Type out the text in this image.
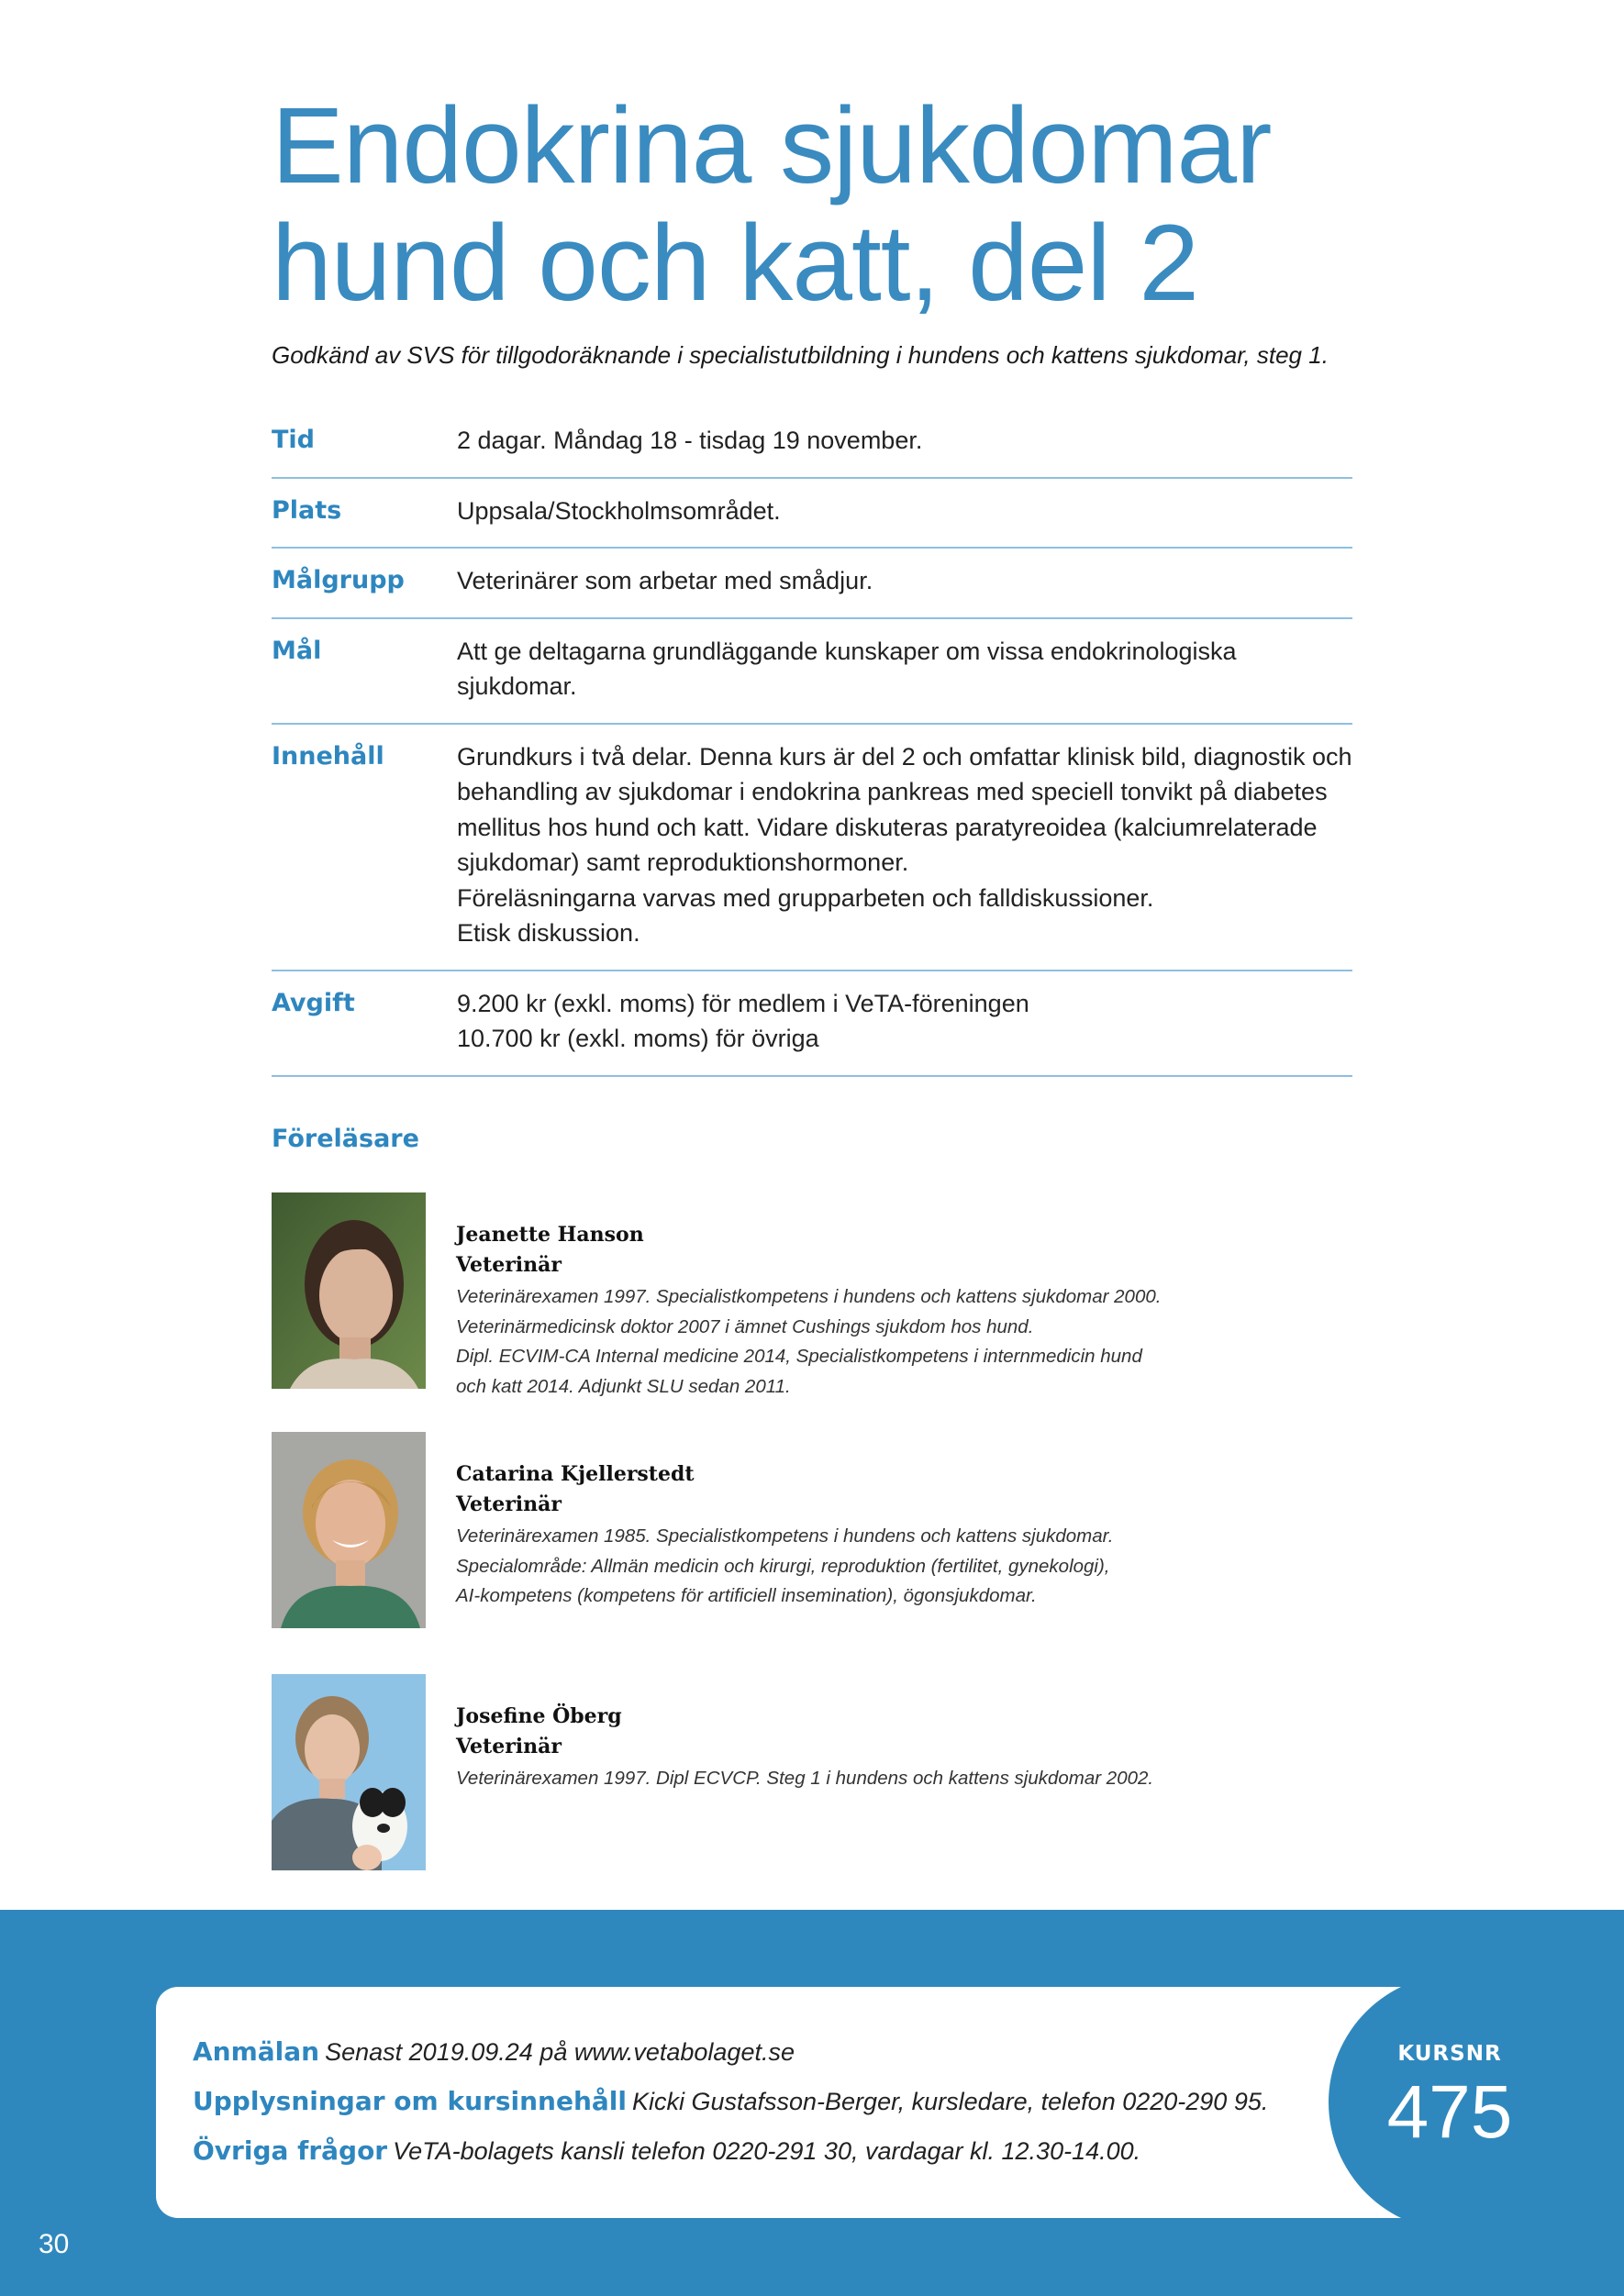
Endokrina sjukdomar
hund och katt, del 2
Godkänd av SVS för tillgodoräknande i specialistutbildning i hundens och kattens sjukdomar, steg 1.
Tid	2 dagar. Måndag 18 - tisdag 19 november.
Plats	Uppsala/Stockholmsområdet.
Målgrupp	Veterinärer som arbetar med smådjur.
Mål	Att ge deltagarna grundläggande kunskaper om vissa endokrinologiska sjukdomar.
Innehåll	Grundkurs i två delar. Denna kurs är del 2 och omfattar klinisk bild, diagnostik och
behandling av sjukdomar i endokrina pankreas med speciell tonvikt på diabetes
mellitus hos hund och katt. Vidare diskuteras paratyreoidea (kalciumrelaterade
sjukdomar) samt reproduktionshormoner.
Föreläsningarna varvas med grupparbeten och falldiskussioner.
Etisk diskussion.
Avgift	9.200 kr (exkl. moms) för medlem i VeTA-föreningen
10.700 kr (exkl. moms) för övriga
Föreläsare
Jeanette Hanson
Veterinär
Veterinärexamen 1997. Specialistkompetens i hundens och kattens sjukdomar 2000.
Veterinärmedicinsk doktor 2007 i ämnet Cushings sjukdom hos hund.
Dipl. ECVIM-CA Internal medicine 2014, Specialistkompetens i internmedicin hund
och katt 2014. Adjunkt SLU sedan 2011.
Catarina Kjellerstedt
Veterinär
Veterinärexamen 1985. Specialistkompetens i hundens och kattens sjukdomar.
Specialområde: Allmän medicin och kirurgi, reproduktion (fertilitet, gynekologi),
AI-kompetens (kompetens för artificiell insemination), ögonsjukdomar.
Josefine Öberg
Veterinär
Veterinärexamen 1997. Dipl ECVCP. Steg 1 i hundens och kattens sjukdomar 2002.
Anmälan Senast 2019.09.24 på www.vetabolaget.se
Upplysningar om kursinnehåll Kicki Gustafsson-Berger, kursledare, telefon 0220-290 95.
Övriga frågor VeTA-bolagets kansli telefon 0220-291 30, vardagar kl. 12.30-14.00.
KURSNR
475
30
